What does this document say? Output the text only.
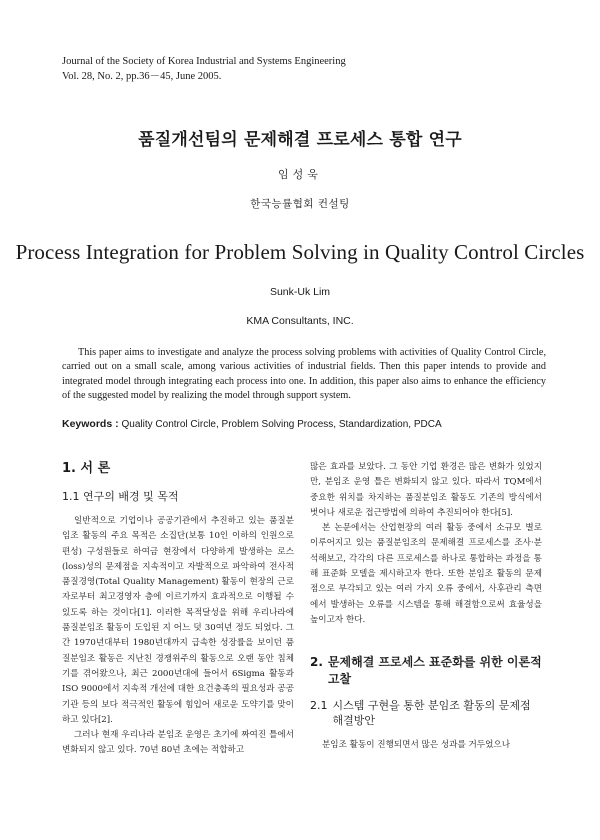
Journal of the Society of Korea Industrial and Systems Engineering
Vol. 28, No. 2, pp.36－45, June 2005.
품질개선팀의 문제해결 프로세스 통합 연구
임성욱
한국능률협회 컨설팅
Process Integration for Problem Solving in Quality Control Circles
Sunk-Uk Lim
KMA Consultants, INC.

This paper aims to investigate and analyze the process solving problems with activities of Quality Control Circle, carried out on a small scale, among various activities of industrial fields. Then this paper intends to provide and integrated model through integrating each process into one. In addition, this paper also aims to enhance the efficiency of the suggested model by realizing the model through support system.

Keywords : Quality Control Circle, Problem Solving Process, Standardization, PDCA
1. 서 론
1.1 연구의 배경 및 목적

일반적으로 기업이나 공공기관에서 추진하고 있는 품질분임조 활동의 주요 목적은 소집단(보통 10인 이하의 인원으로 편성) 구성원들로 하여금 현장에서 다양하게 발생하는 로스(loss)성의 문제점을 지속적이고 자발적으로 파악하여 전사적 품질경영(Total Quality Management) 활동이 현장의 근로자로부터 최고경영자 층에 이르기까지 효과적으로 이행될 수 있도록 하는 것이다[1]. 이러한 목적달성을 위해 우리나라에 품질분임조 활동이 도입된 지 어느 덧 30여년 정도 되었다. 그간 1970년대부터 1980년대까지 급속한 성장률을 보이던 품질분임조 활동은 지난친 경쟁위주의 활동으로 오랜 동안 침체기를 겪어왔으나, 최근 2000년대에 들어서 6Sigma 활동과 ISO 9000에서 지속적 개선에 대한 요건충족의 필요성과 공공기관 등의 보다 적극적인 활동에 힘입어 새로운 도약기를 맞이하고 있다[2].

그러나 현재 우리나라 분임조 운영은 초기에 짜여진 틀에서 변화되지 않고 있다. 70년 80년 초에는 적합하고

많은 효과를 보았다. 그 동안 기업 환경은 많은 변화가 있었지만, 분임조 운영 틀은 변화되지 않고 있다. 따라서 TQM에서 중요한 위치를 차지하는 품질분임조 활동도 기존의 방식에서 벗어나 새로운 접근방법에 의하여 추진되어야 한다[5].

본 논문에서는 산업현장의 여러 활동 중에서 소규모 별로 이루어지고 있는 품질분임조의 문제해결 프로세스를 조사·분석해보고, 각각의 다른 프로세스를 하나로 통합하는 과정을 통해 표준화 모델을 제시하고자 한다. 또한 분임조 활동의 문제점으로 부각되고 있는 여러 가지 오류 중에서, 사후관리 측면에서 발생하는 오류를 시스템을 통해 해결함으로써 효율성을 높이고자 한다.

2. 문제해결 프로세스 표준화를 위한 이론적 고찰
2.1 시스템 구현을 통한 분임조 활동의 문제점 해결방안

분임조 활동이 진행되면서 많은 성과를 거두었으나
